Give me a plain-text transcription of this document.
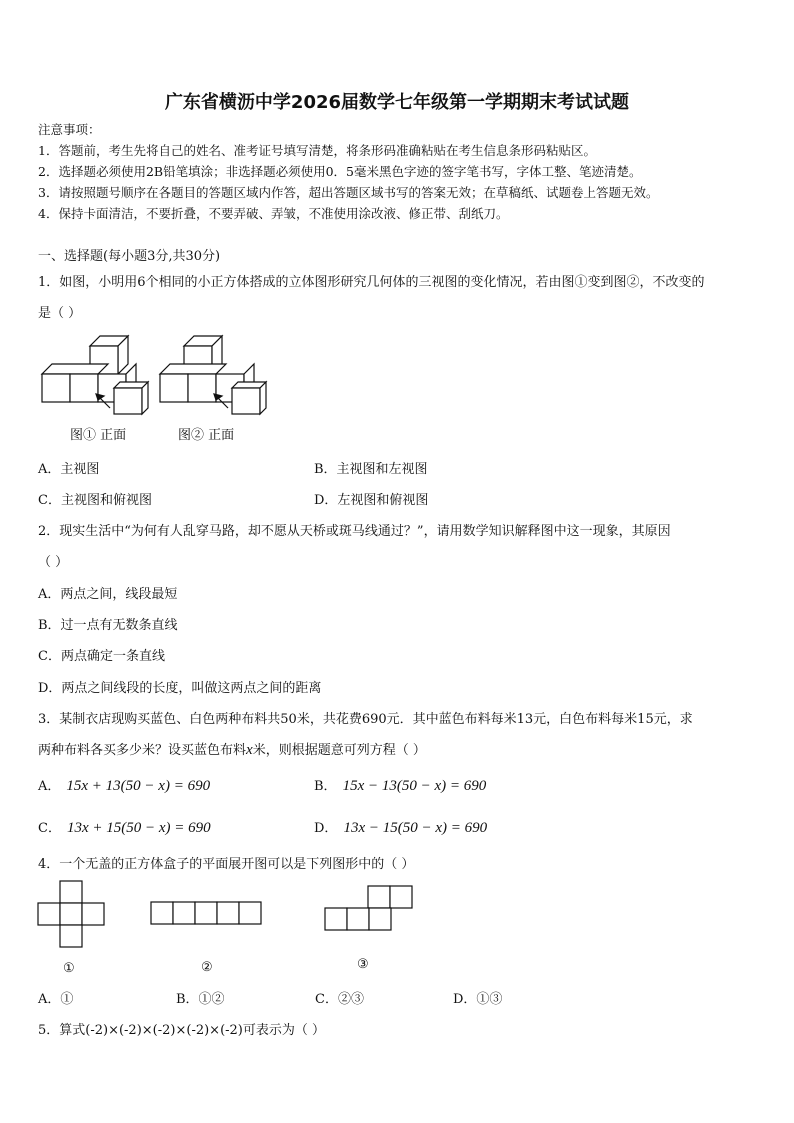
广东省横沥中学2026届数学七年级第一学期期末考试试题
注意事项：
1．答题前，考生先将自己的姓名、准考证号填写清楚，将条形码准确粘贴在考生信息条形码粘贴区。
2．选择题必须使用2B铅笔填涂；非选择题必须使用0．5毫米黑色字迹的签字笔书写，字体工整、笔迹清楚。
3．请按照题号顺序在各题目的答题区域内作答，超出答题区域书写的答案无效；在草稿纸、试题卷上答题无效。
4．保持卡面清洁，不要折叠，不要弄破、弄皱，不准使用涂改液、修正带、刮纸刀。
一、选择题(每小题3分,共30分)
1．如图，小明用6个相同的小正方体搭成的立体图形研究几何体的三视图的变化情况，若由图①变到图②，不改变的
是（ ）
图① 正面	图② 正面
A．主视图	B．主视图和左视图
C．主视图和俯视图	D．左视图和俯视图
2．现实生活中“为何有人乱穿马路，却不愿从天桥或斑马线通过？”，请用数学知识解释图中这一现象，其原因
（ ）
A．两点之间，线段最短
B．过一点有无数条直线
C．两点确定一条直线
D．两点之间线段的长度，叫做这两点之间的距离
3．某制衣店现购买蓝色、白色两种布料共50米，共花费690元．其中蓝色布料每米13元，白色布料每米15元，求
两种布料各买多少米？设买蓝色布料x米，则根据题意可列方程（ ）
A． 15x + 13(50 − x) = 690	B． 15x − 13(50 − x) = 690
C． 13x + 15(50 − x) = 690	D． 13x − 15(50 − x) = 690
4．一个无盖的正方体盒子的平面展开图可以是下列图形中的（ ）
①	②	③
A．①	B．①②	C．②③	D．①③
5．算式(-2)×(-2)×(-2)×(-2)×(-2)可表示为（ ）
